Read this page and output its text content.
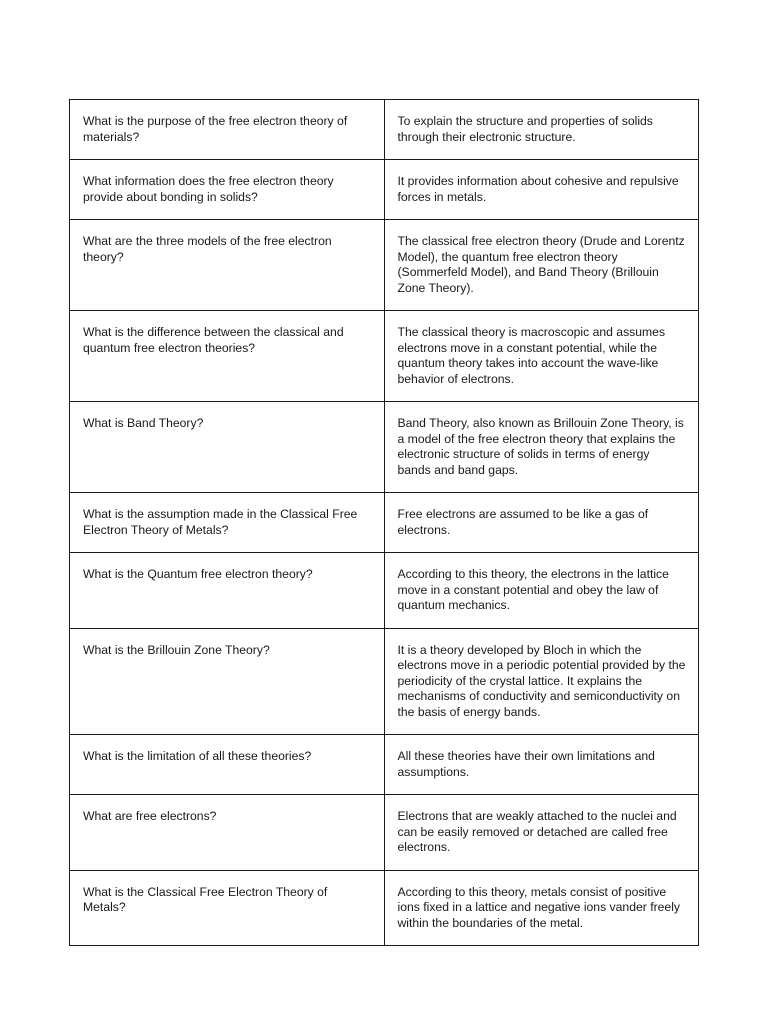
What is the purpose of the free electron theory of materials?	To explain the structure and properties of solids through their electronic structure.
What information does the free electron theory provide about bonding in solids?	It provides information about cohesive and repulsive forces in metals.
What are the three models of the free electron theory?	The classical free electron theory (Drude and Lorentz Model), the quantum free electron theory (Sommerfeld Model), and Band Theory (Brillouin Zone Theory).
What is the difference between the classical and quantum free electron theories?	The classical theory is macroscopic and assumes electrons move in a constant potential, while the quantum theory takes into account the wave-like behavior of electrons.
What is Band Theory?	Band Theory, also known as Brillouin Zone Theory, is a model of the free electron theory that explains the electronic structure of solids in terms of energy bands and band gaps.
What is the assumption made in the Classical Free Electron Theory of Metals?	Free electrons are assumed to be like a gas of electrons.
What is the Quantum free electron theory?	According to this theory, the electrons in the lattice move in a constant potential and obey the law of quantum mechanics.
What is the Brillouin Zone Theory?	It is a theory developed by Bloch in which the electrons move in a periodic potential provided by the periodicity of the crystal lattice. It explains the mechanisms of conductivity and semiconductivity on the basis of energy bands.
What is the limitation of all these theories?	All these theories have their own limitations and assumptions.
What are free electrons?	Electrons that are weakly attached to the nuclei and can be easily removed or detached are called free electrons.
What is the Classical Free Electron Theory of Metals?	According to this theory, metals consist of positive ions fixed in a lattice and negative ions vander freely within the boundaries of the metal.
